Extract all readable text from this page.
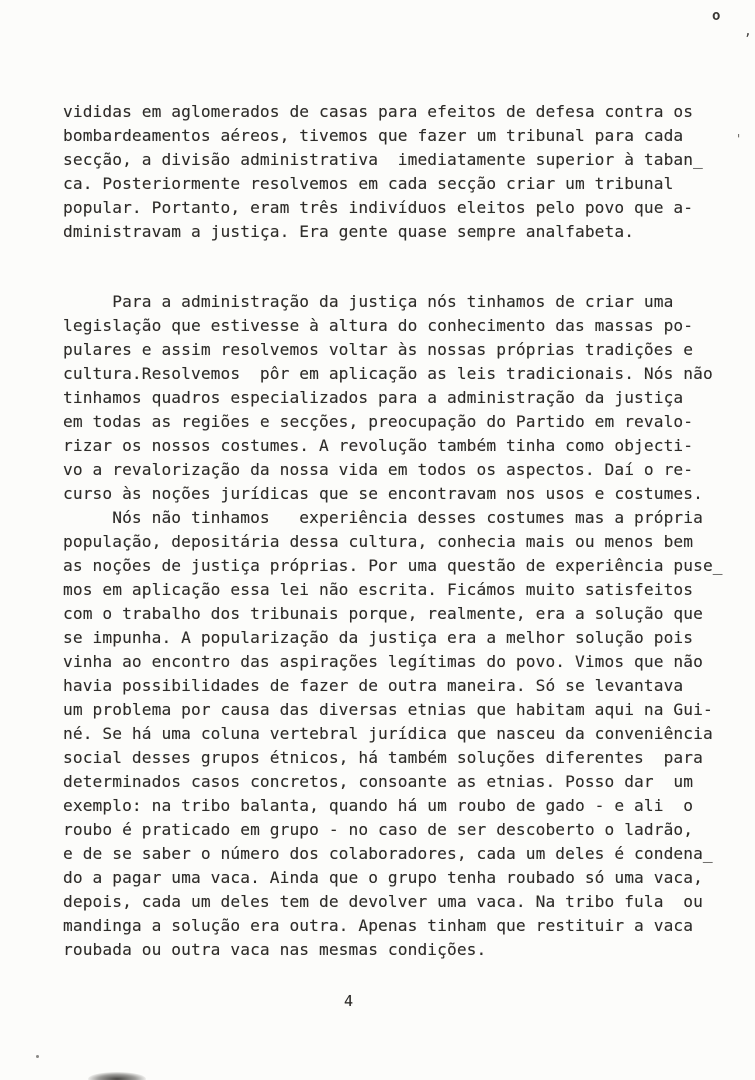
vididas em aglomerados de casas para efeitos de defesa contra os
bombardeamentos aéreos, tivemos que fazer um tribunal para cada
secção, a divisão administrativa  imediatamente superior à taban̲
ca. Posteriormente resolvemos em cada secção criar um tribunal
popular. Portanto, eram três indivíduos eleitos pelo povo que a-
dministravam a justiça. Era gente quase sempre analfabeta.
Para a administração da justiça nós tinhamos de criar uma
legislação que estivesse à altura do conhecimento das massas po-
pulares e assim resolvemos voltar às nossas próprias tradições e
cultura.Resolvemos  pôr em aplicação as leis tradicionais. Nós não
tinhamos quadros especializados para a administração da justiça
em todas as regiões e secções, preocupação do Partido em revalo-
rizar os nossos costumes. A revolução também tinha como objecti-
vo a revalorização da nossa vida em todos os aspectos. Daí o re-
curso às noções jurídicas que se encontravam nos usos e costumes.
Nós não tinhamos   experiência desses costumes mas a própria
população, depositária dessa cultura, conhecia mais ou menos bem
as noções de justiça próprias. Por uma questão de experiência puse̲
mos em aplicação essa lei não escrita. Ficámos muito satisfeitos
com o trabalho dos tribunais porque, realmente, era a solução que
se impunha. A popularização da justiça era a melhor solução pois
vinha ao encontro das aspirações legítimas do povo. Vimos que não
havia possibilidades de fazer de outra maneira. Só se levantava
um problema por causa das diversas etnias que habitam aqui na Gui-
né. Se há uma coluna vertebral jurídica que nasceu da conveniência
social desses grupos étnicos, há também soluções diferentes  para
determinados casos concretos, consoante as etnias. Posso dar  um
exemplo: na tribo balanta, quando há um roubo de gado - e ali  o
roubo é praticado em grupo - no caso de ser descoberto o ladrão,
e de se saber o número dos colaboradores, cada um deles é condena̲
do a pagar uma vaca. Ainda que o grupo tenha roubado só uma vaca,
depois, cada um deles tem de devolver uma vaca. Na tribo fula  ou
mandinga a solução era outra. Apenas tinham que restituir a vaca
roubada ou outra vaca nas mesmas condições.
4
o
,
'
